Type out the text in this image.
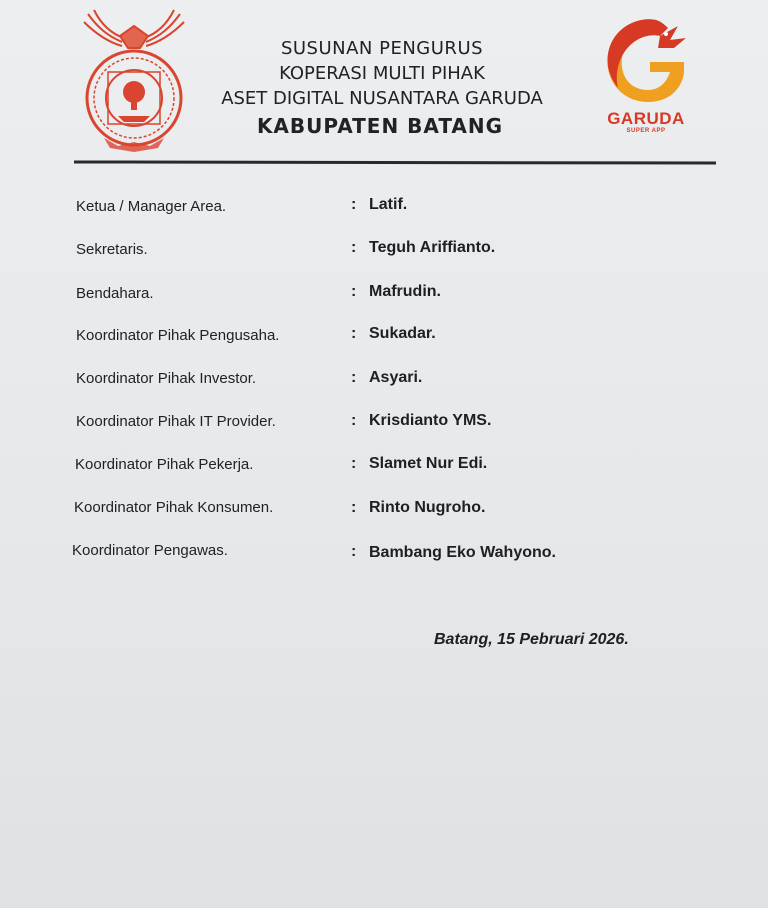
SUSUNAN PENGURUS
KOPERASI MULTI PIHAK
ASET DIGITAL NUSANTARA GARUDA
KABUPATEN BATANG	GARUDA
SUPER APP
Ketua / Manager Area.	: Latif.
Sekretaris.	: Teguh Ariffianto.
Bendahara.	: Mafrudin.
Koordinator Pihak Pengusaha.	: Sukadar.
Koordinator Pihak Investor.	: Asyari.
Koordinator Pihak IT Provider.	: Krisdianto YMS.
Koordinator Pihak Pekerja.	: Slamet Nur Edi.
Koordinator Pihak Konsumen.	: Rinto Nugroho.
Koordinator Pengawas.	: Bambang Eko Wahyono.
Batang, 15 Pebruari 2026.
